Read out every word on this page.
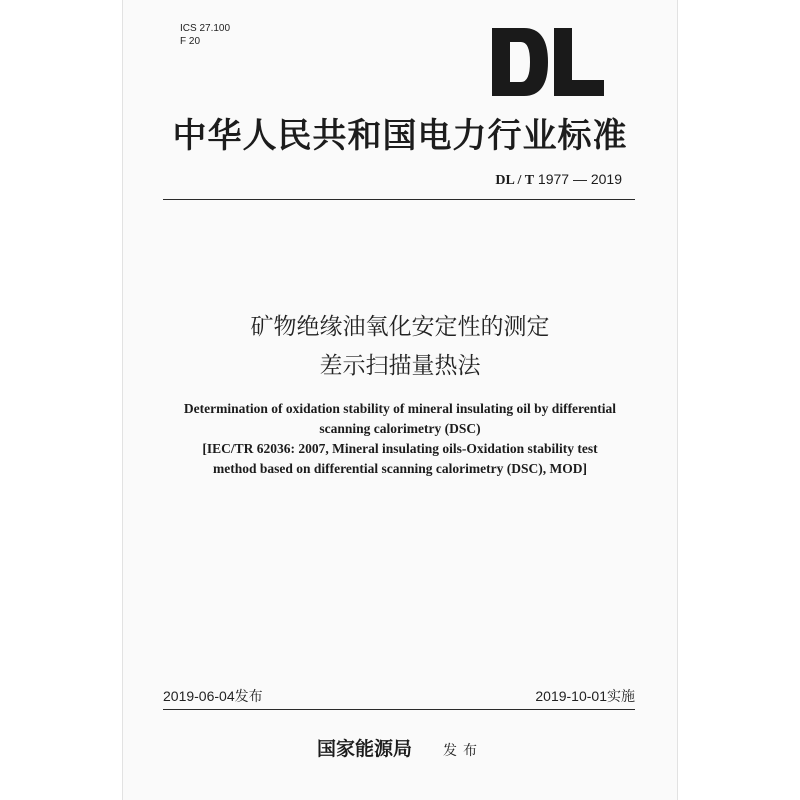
ICS 27.100
F 20
DL
中华人民共和国电力行业标准
DL / T 1977 — 2019
矿物绝缘油氧化安定性的测定
差示扫描量热法
Determination of oxidation stability of mineral insulating oil by differential
scanning calorimetry (DSC)
[IEC/TR 62036: 2007, Mineral insulating oils-Oxidation stability test
method based on differential scanning calorimetry (DSC), MOD]
2019-06-04发布	2019-10-01实施
国家能源局 发布
